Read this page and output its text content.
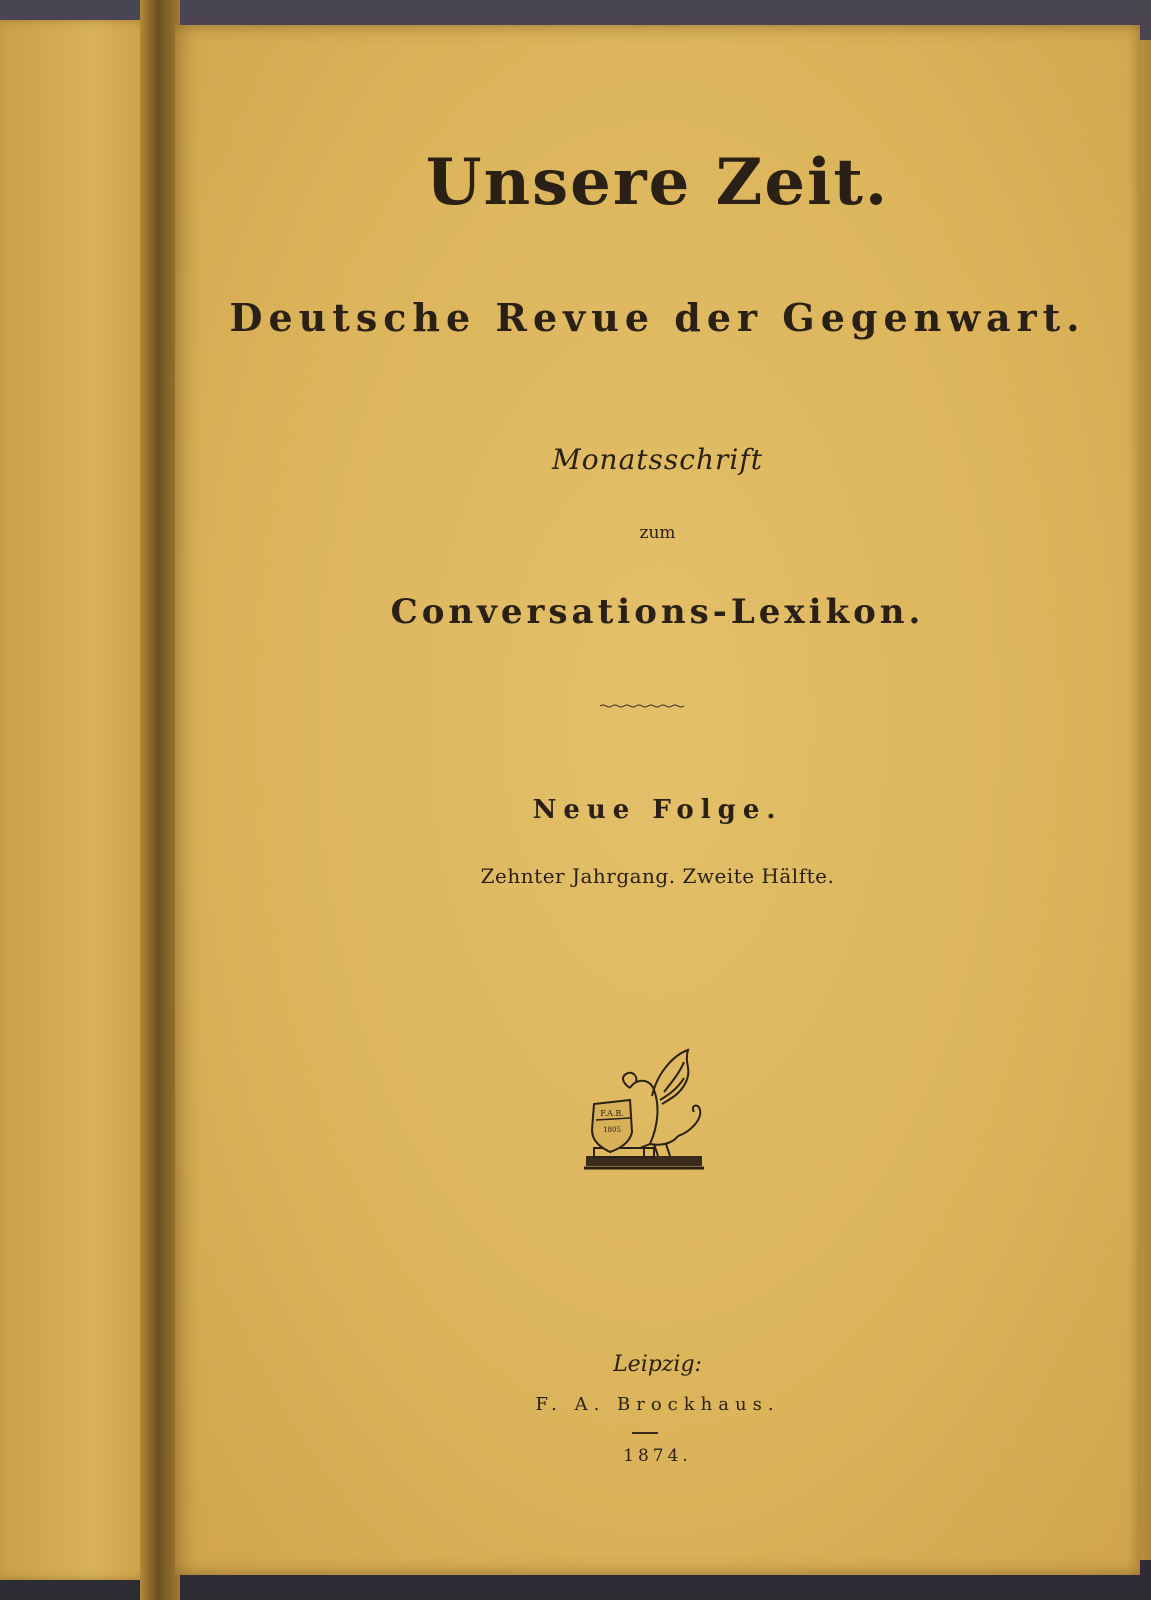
Unsere Zeit.
Deutsche Revue der Gegenwart.
Monatsschrift
zum
Conversations-Lexikon.
Neue Folge.
Zehnter Jahrgang. Zweite Hälfte.
F.A.B.
1805
Leipzig:
F. A. Brockhaus.
1874.
